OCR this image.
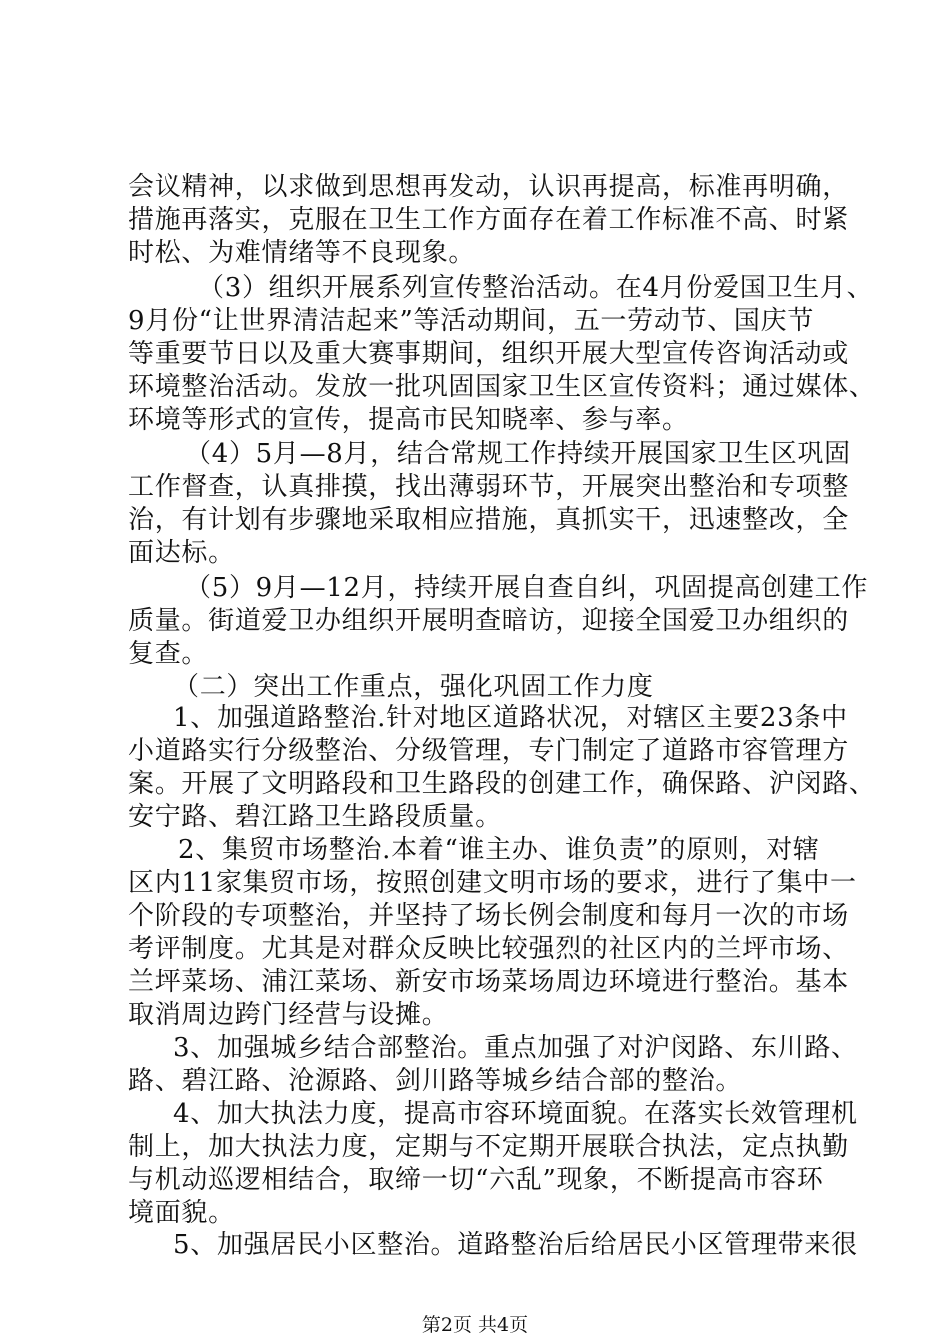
会议精神，以求做到思想再发动，认识再提高，标准再明确，
措施再落实，克服在卫生工作方面存在着工作标准不高、时紧
时松、为难情绪等不良现象。
（3）组织开展系列宣传整治活动。在4月份爱国卫生月、
9月份“让世界清洁起来”等活动期间，五一劳动节、国庆节
等重要节日以及重大赛事期间，组织开展大型宣传咨询活动或
环境整治活动。发放一批巩固国家卫生区宣传资料；通过媒体、
环境等形式的宣传，提高市民知晓率、参与率。
（4）5月—8月，结合常规工作持续开展国家卫生区巩固
工作督查，认真排摸，找出薄弱环节，开展突出整治和专项整
治，有计划有步骤地采取相应措施，真抓实干，迅速整改，全
面达标。
（5）9月—12月，持续开展自查自纠，巩固提高创建工作
质量。街道爱卫办组织开展明查暗访，迎接全国爱卫办组织的
复查。
（二）突出工作重点，强化巩固工作力度
1、加强道路整治.针对地区道路状况，对辖区主要23条中
小道路实行分级整治、分级管理，专门制定了道路市容管理方
案。开展了文明路段和卫生路段的创建工作，确保路、沪闵路、
安宁路、碧江路卫生路段质量。
2、集贸市场整治.本着“谁主办、谁负责”的原则，对辖
区内11家集贸市场，按照创建文明市场的要求，进行了集中一
个阶段的专项整治，并坚持了场长例会制度和每月一次的市场
考评制度。尤其是对群众反映比较强烈的社区内的兰坪市场、
兰坪菜场、浦江菜场、新安市场菜场周边环境进行整治。基本
取消周边跨门经营与设摊。
3、加强城乡结合部整治。重点加强了对沪闵路、东川路、
路、碧江路、沧源路、剑川路等城乡结合部的整治。
4、加大执法力度，提高市容环境面貌。在落实长效管理机
制上，加大执法力度，定期与不定期开展联合执法，定点执勤
与机动巡逻相结合，取缔一切“六乱”现象，不断提高市容环
境面貌。
5、加强居民小区整治。道路整治后给居民小区管理带来很
第2页 共4页
